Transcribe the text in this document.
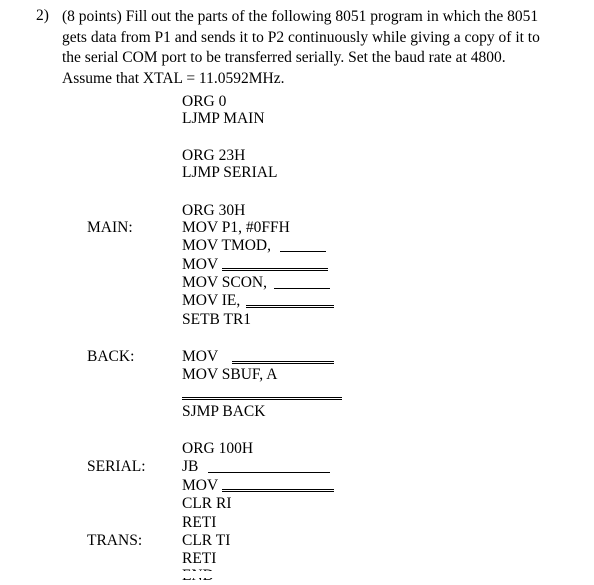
2) (8 points) Fill out the parts of the following 8051 program in which the 8051
gets data from P1 and sends it to P2 continuously while giving a copy of it to
the serial COM port to be transferred serially. Set the baud rate at 4800.
Assume that XTAL = 11.0592MHz.
MAIN:
BACK:
SERIAL:
TRANS:
ORG 0
LJMP MAIN
ORG 23H
LJMP SERIAL
ORG 30H
MOV P1, #0FFH
MOV TMOD,
MOV
MOV SCON,
MOV IE,
SETB TR1
MOV
MOV SBUF, A
SJMP BACK
ORG 100H
JB
MOV
CLR RI
RETI
CLR TI
RETI
